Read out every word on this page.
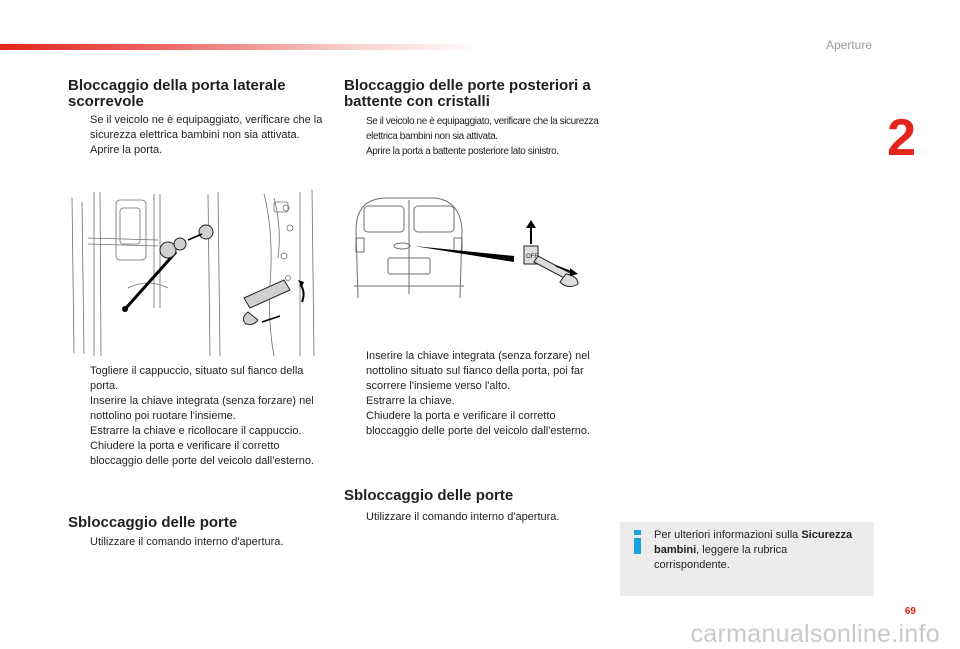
Aperture
2
Bloccaggio della porta laterale scorrevole
Se il veicolo ne è equipaggiato, verificare che la sicurezza elettrica bambini non sia attivata.
Aprire la porta.
Togliere il cappuccio, situato sul fianco della porta.
Inserire la chiave integrata (senza forzare) nel nottolino poi ruotare l'insieme.
Estrarre la chiave e ricollocare il cappuccio.
Chiudere la porta e verificare il corretto bloccaggio delle porte del veicolo dall'esterno.
Sbloccaggio delle porte
Utilizzare il comando interno d'apertura.
Bloccaggio delle porte posteriori a battente con cristalli
Se il veicolo ne è equipaggiato, verificare che la sicurezza elettrica bambini non sia attivata.
Aprire la porta a battente posteriore lato sinistro.
OFF
Inserire la chiave integrata (senza forzare) nel nottolino situato sul fianco della porta, poi far scorrere l'insieme verso l'alto.
Estrarre la chiave.
Chiudere la porta e verificare il corretto bloccaggio delle porte del veicolo dall'esterno.
Sbloccaggio delle porte
Utilizzare il comando interno d'apertura.
Per ulteriori informazioni sulla Sicurezza bambini, leggere la rubrica corrispondente.
69
carmanualsonline.info
